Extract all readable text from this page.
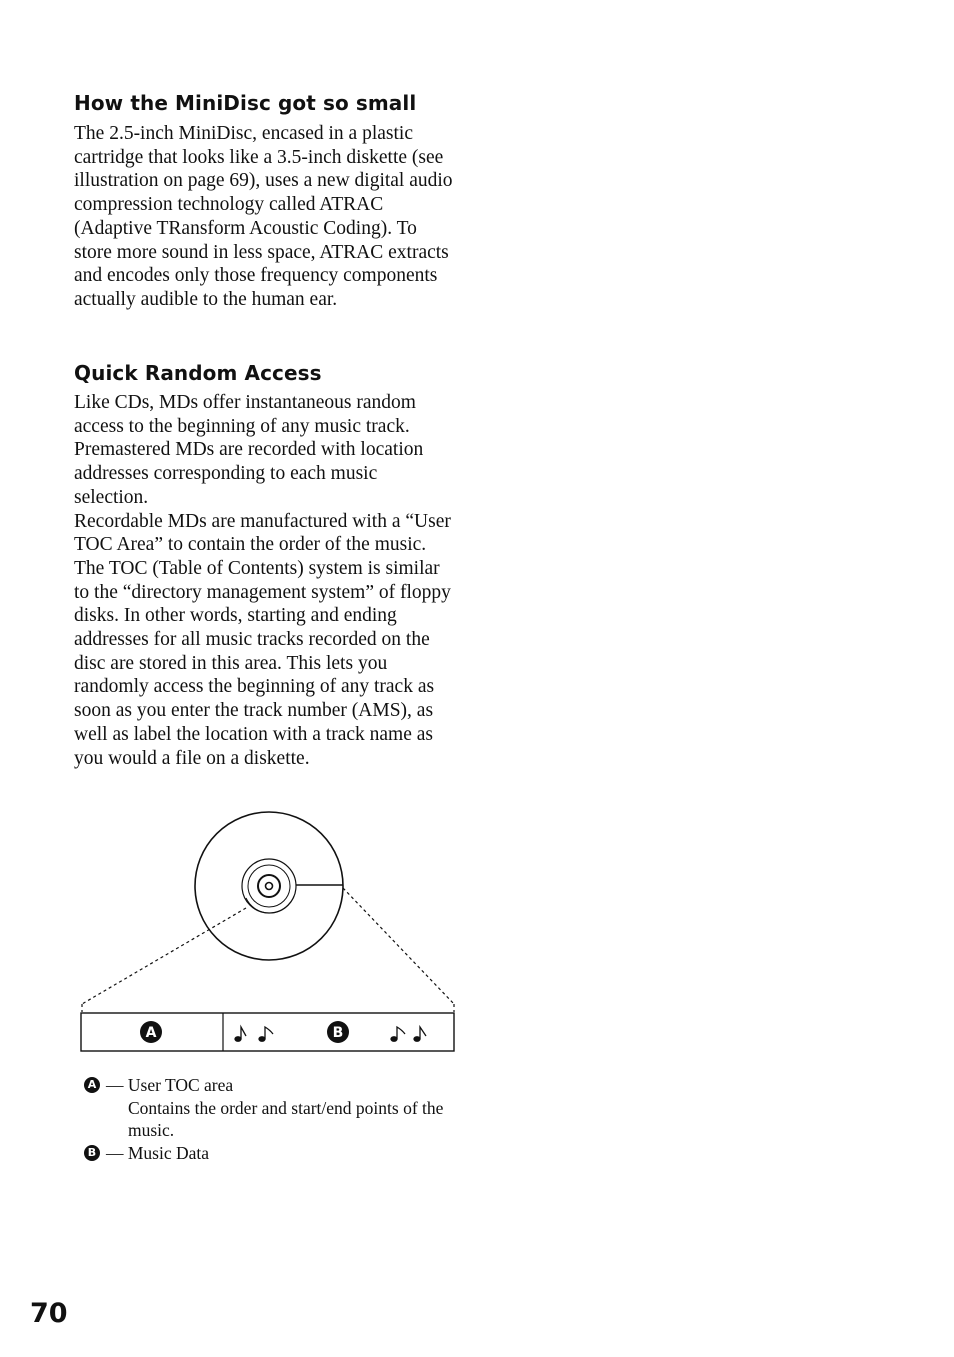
How the MiniDisc got so small

The 2.5-inch MiniDisc, encased in a plastic cartridge that looks like a 3.5-inch diskette (see illustration on page 69), uses a new digital audio compression technology called ATRAC (Adaptive TRansform Acoustic Coding). To store more sound in less space, ATRAC extracts and encodes only those frequency components actually audible to the human ear.

Quick Random Access

Like CDs, MDs offer instantaneous random access to the beginning of any music track. Premastered MDs are recorded with location addresses corresponding to each music selection.

Recordable MDs are manufactured with a “User TOC Area” to contain the order of the music. The TOC (Table of Contents) system is similar to the “directory management system” of floppy disks. In other words, starting and ending addresses for all music tracks recorded on the disc are stored in this area. This lets you randomly access the beginning of any track as soon as you enter the track number (AMS), as well as label the location with a track name as you would a file on a diskette.

A	B
A — User TOC area
Contains the order and start/end points of the music.
B — Music Data
70
